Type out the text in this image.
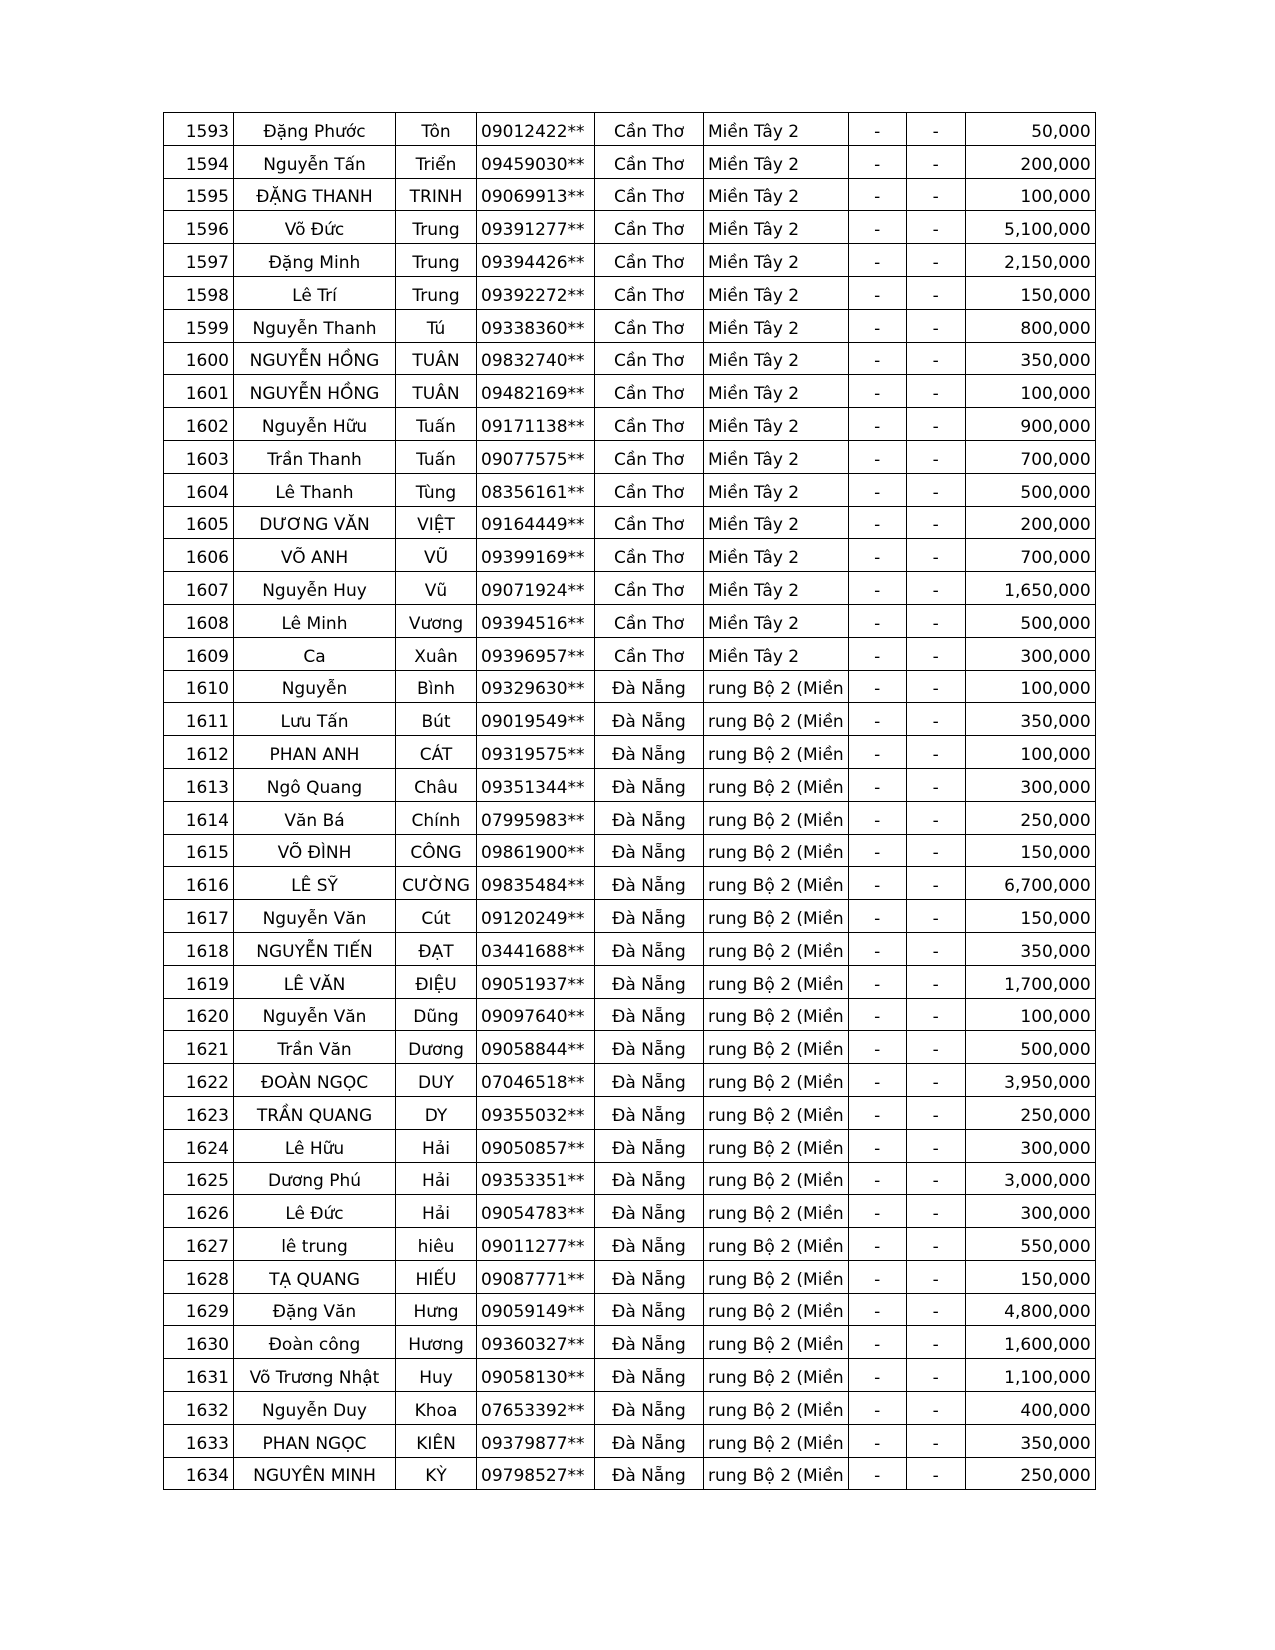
1593	Đặng Phước	Tôn	09012422**	Cần Thơ	Miền Tây 2	-	-	50,000
1594	Nguyễn Tấn	Triển	09459030**	Cần Thơ	Miền Tây 2	-	-	200,000
1595	ĐẶNG THANH	TRINH	09069913**	Cần Thơ	Miền Tây 2	-	-	100,000
1596	Võ Đức	Trung	09391277**	Cần Thơ	Miền Tây 2	-	-	5,100,000
1597	Đặng Minh	Trung	09394426**	Cần Thơ	Miền Tây 2	-	-	2,150,000
1598	Lê Trí	Trung	09392272**	Cần Thơ	Miền Tây 2	-	-	150,000
1599	Nguyễn Thanh	Tú	09338360**	Cần Thơ	Miền Tây 2	-	-	800,000
1600	NGUYỄN HỒNG	TUÂN	09832740**	Cần Thơ	Miền Tây 2	-	-	350,000
1601	NGUYỄN HỒNG	TUÂN	09482169**	Cần Thơ	Miền Tây 2	-	-	100,000
1602	Nguyễn Hữu	Tuấn	09171138**	Cần Thơ	Miền Tây 2	-	-	900,000
1603	Trần Thanh	Tuấn	09077575**	Cần Thơ	Miền Tây 2	-	-	700,000
1604	Lê Thanh	Tùng	08356161**	Cần Thơ	Miền Tây 2	-	-	500,000
1605	DƯƠNG VĂN	VIỆT	09164449**	Cần Thơ	Miền Tây 2	-	-	200,000
1606	VÕ ANH	VŨ	09399169**	Cần Thơ	Miền Tây 2	-	-	700,000
1607	Nguyễn Huy	Vũ	09071924**	Cần Thơ	Miền Tây 2	-	-	1,650,000
1608	Lê Minh	Vương	09394516**	Cần Thơ	Miền Tây 2	-	-	500,000
1609	Ca	Xuân	09396957**	Cần Thơ	Miền Tây 2	-	-	300,000
1610	Nguyễn	Bình	09329630**	Đà Nẵng	rung Bộ 2 (Miền	-	-	100,000
1611	Lưu Tấn	Bút	09019549**	Đà Nẵng	rung Bộ 2 (Miền	-	-	350,000
1612	PHAN ANH	CÁT	09319575**	Đà Nẵng	rung Bộ 2 (Miền	-	-	100,000
1613	Ngô Quang	Châu	09351344**	Đà Nẵng	rung Bộ 2 (Miền	-	-	300,000
1614	Văn Bá	Chính	07995983**	Đà Nẵng	rung Bộ 2 (Miền	-	-	250,000
1615	VÕ ĐÌNH	CÔNG	09861900**	Đà Nẵng	rung Bộ 2 (Miền	-	-	150,000
1616	LÊ SỸ	CƯỜNG	09835484**	Đà Nẵng	rung Bộ 2 (Miền	-	-	6,700,000
1617	Nguyễn Văn	Cút	09120249**	Đà Nẵng	rung Bộ 2 (Miền	-	-	150,000
1618	NGUYỄN TIẾN	ĐẠT	03441688**	Đà Nẵng	rung Bộ 2 (Miền	-	-	350,000
1619	LÊ VĂN	ĐIỆU	09051937**	Đà Nẵng	rung Bộ 2 (Miền	-	-	1,700,000
1620	Nguyễn Văn	Dũng	09097640**	Đà Nẵng	rung Bộ 2 (Miền	-	-	100,000
1621	Trần Văn	Dương	09058844**	Đà Nẵng	rung Bộ 2 (Miền	-	-	500,000
1622	ĐOÀN NGỌC	DUY	07046518**	Đà Nẵng	rung Bộ 2 (Miền	-	-	3,950,000
1623	TRẦN QUANG	DY	09355032**	Đà Nẵng	rung Bộ 2 (Miền	-	-	250,000
1624	Lê Hữu	Hải	09050857**	Đà Nẵng	rung Bộ 2 (Miền	-	-	300,000
1625	Dương Phú	Hải	09353351**	Đà Nẵng	rung Bộ 2 (Miền	-	-	3,000,000
1626	Lê Đức	Hải	09054783**	Đà Nẵng	rung Bộ 2 (Miền	-	-	300,000
1627	lê trung	hiêu	09011277**	Đà Nẵng	rung Bộ 2 (Miền	-	-	550,000
1628	TẠ QUANG	HIẾU	09087771**	Đà Nẵng	rung Bộ 2 (Miền	-	-	150,000
1629	Đặng Văn	Hưng	09059149**	Đà Nẵng	rung Bộ 2 (Miền	-	-	4,800,000
1630	Đoàn công	Hương	09360327**	Đà Nẵng	rung Bộ 2 (Miền	-	-	1,600,000
1631	Võ Trương Nhật	Huy	09058130**	Đà Nẵng	rung Bộ 2 (Miền	-	-	1,100,000
1632	Nguyễn Duy	Khoa	07653392**	Đà Nẵng	rung Bộ 2 (Miền	-	-	400,000
1633	PHAN NGỌC	KIÊN	09379877**	Đà Nẵng	rung Bộ 2 (Miền	-	-	350,000
1634	NGUYÊN MINH	KỲ	09798527**	Đà Nẵng	rung Bộ 2 (Miền	-	-	250,000
